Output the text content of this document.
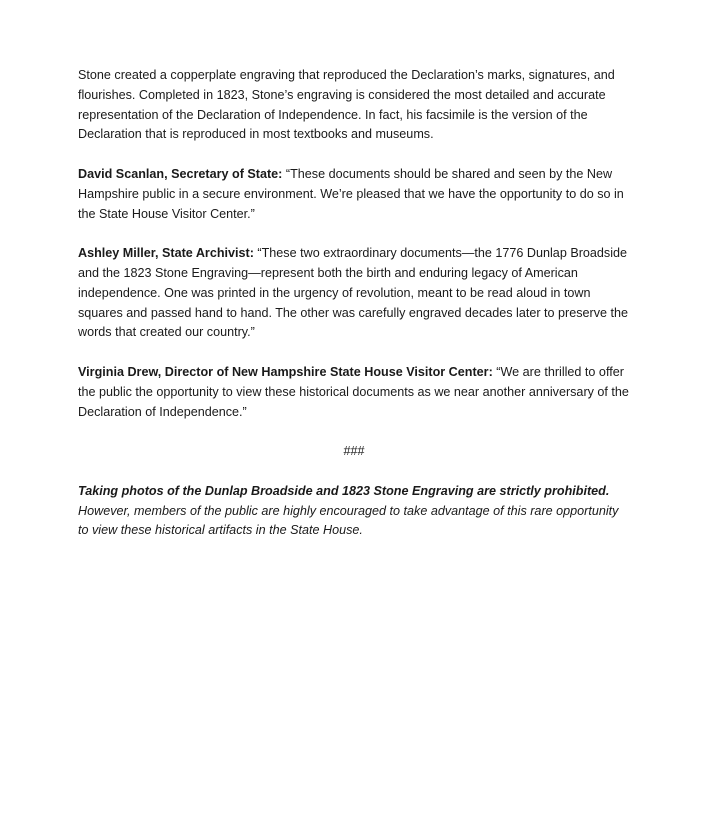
Stone created a copperplate engraving that reproduced the Declaration’s marks, signatures, and flourishes. Completed in 1823, Stone’s engraving is considered the most detailed and accurate representation of the Declaration of Independence. In fact, his facsimile is the version of the Declaration that is reproduced in most textbooks and museums.

David Scanlan, Secretary of State: “These documents should be shared and seen by the New Hampshire public in a secure environment. We’re pleased that we have the opportunity to do so in the State House Visitor Center.”

Ashley Miller, State Archivist: “These two extraordinary documents—the 1776 Dunlap Broadside and the 1823 Stone Engraving—represent both the birth and enduring legacy of American independence. One was printed in the urgency of revolution, meant to be read aloud in town squares and passed hand to hand. The other was carefully engraved decades later to preserve the words that created our country.”

Virginia Drew, Director of New Hampshire State House Visitor Center: “We are thrilled to offer the public the opportunity to view these historical documents as we near another anniversary of the Declaration of Independence.”

###

Taking photos of the Dunlap Broadside and 1823 Stone Engraving are strictly prohibited. However, members of the public are highly encouraged to take advantage of this rare opportunity to view these historical artifacts in the State House.
